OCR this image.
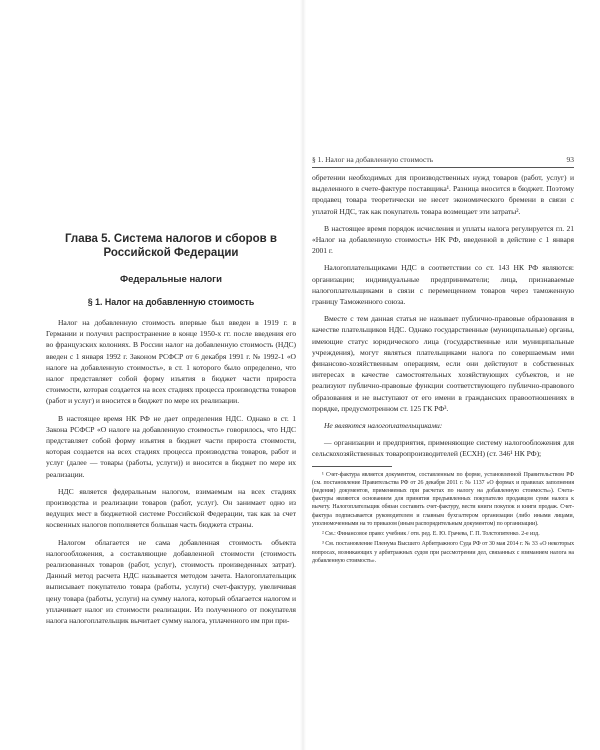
Глава 5. Система налогов и сборов в Российской Федерации
Федеральные налоги
§ 1. Налог на добавленную стоимость

Налог на добавленную стоимость впервые был введен в 1919 г. в Германии и получил распространение в конце 1950-х гг. после введения его во французских колониях. В России налог на добавленную стоимость (НДС) введен с 1 января 1992 г. Законом РСФСР от 6 декабря 1991 г. № 1992-1 «О налоге на добавленную стоимость», в ст. 1 которого было определено, что налог представляет собой форму изъятия в бюджет части прироста стоимости, которая создается на всех стадиях процесса производства товаров (работ и услуг) и вносится в бюджет по мере их реализации.

В настоящее время НК РФ не дает определения НДС. Однако в ст. 1 Закона РСФСР «О налоге на добавленную стоимость» говорилось, что НДС представляет собой форму изъятия в бюджет части прироста стоимости, которая создается на всех стадиях процесса производства товаров, работ и услуг (далее — товары (работы, услуги)) и вносится в бюджет по мере их реализации.

НДС является федеральным налогом, взимаемым на всех стадиях производства и реализации товаров (работ, услуг). Он занимает одно из ведущих мест в бюджетной системе Российской Федерации, так как за счет косвенных налогов пополняется большая часть бюджета страны.

Налогом облагается не сама добавленная стоимость объекта налогообложения, а составляющие добавленной стоимости (стоимость реализованных товаров (работ, услуг), стоимость произведенных затрат). Данный метод расчета НДС называется методом зачета. Налогоплательщик выписывает покупателю товара (работы, услуги) счет-фактуру, увеличивая цену товара (работы, услуги) на сумму налога, который облагается налогом и уплачивает налог из стоимости реализации. Из полученного от покупателя налога налогоплательщик вычитает сумму налога, уплаченного им при при-

§ 1. Налог на добавленную стоимость	93

обретении необходимых для производственных нужд товаров (работ, услуг) и выделенного в счете-фактуре поставщика¹. Разница вносится в бюджет. Поэтому продавец товара теоретически не несет экономического бремени в связи с уплатой НДС, так как покупатель товара возмещает эти затраты².

В настоящее время порядок исчисления и уплаты налога регулируется гл. 21 «Налог на добавленную стоимость» НК РФ, введенной в действие с 1 января 2001 г.

Налогоплательщиками НДС в соответствии со ст. 143 НК РФ являются: организации; индивидуальные предприниматели; лица, признаваемые налогоплательщиками в связи с перемещением товаров через таможенную границу Таможенного союза.

Вместе с тем данная статья не называет публично-правовые образования в качестве плательщиков НДС. Однако государственные (муниципальные) органы, имеющие статус юридического лица (государственные или муниципальные учреждения), могут являться плательщиками налога по совершаемым ими финансово-хозяйственным операциям, если они действуют в собственных интересах в качестве самостоятельных хозяйствующих субъектов, и не реализуют публично-правовые функции соответствующего публично-правового образования и не выступают от его имени в гражданских правоотношениях в порядке, предусмотренном ст. 125 ГК РФ³.

Не являются налогоплательщиками:

— организации и предприятия, применяющие систему налогообложения для сельскохозяйственных товаропроизводителей (ЕСХН) (ст. 346¹ НК РФ);

¹ Счет-фактура является документом, составленным по форме, установленной Правительством РФ (см. постановление Правительства РФ от 26 декабря 2011 г. № 1137 «О формах и правилах заполнения (ведения) документов, применяемых при расчетах по налогу на добавленную стоимость»). Счета-фактуры являются основанием для принятия предъявленных покупателю продавцом сумм налога к вычету. Налогоплательщик обязан составить счет-фактуру, вести книги покупок и книги продаж. Счет-фактура подписывается руководителем и главным бухгалтером организации (либо иными лицами, уполномоченными на то приказом (иным распорядительным документом) по организации).

² См.: Финансовое право: учебник / отв. ред. Е. Ю. Грачева, Г. П. Толстопятенко. 2-е изд.

³ См. постановление Пленума Высшего Арбитражного Суда РФ от 30 мая 2014 г. № 33 «О некоторых вопросах, возникающих у арбитражных судов при рассмотрении дел, связанных с взиманием налога на добавленную стоимость».
